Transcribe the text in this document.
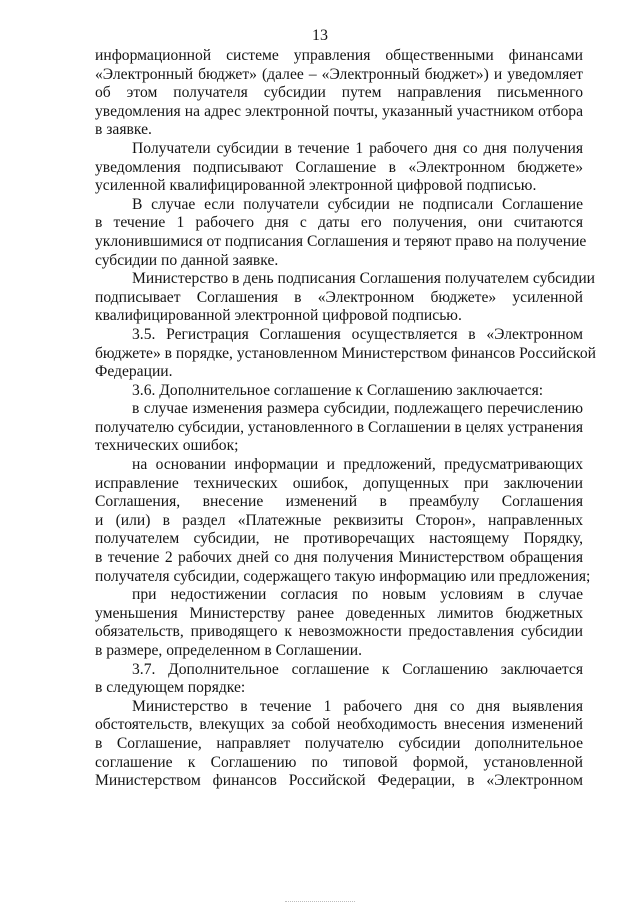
13

информационной системе управления общественными финансами

«Электронный бюджет» (далее – «Электронный бюджет») и уведомляет

об этом получателя субсидии путем направления письменного

уведомления на адрес электронной почты, указанный участником отбора

в заявке.

Получатели субсидии в течение 1 рабочего дня со дня получения

уведомления подписывают Соглашение в «Электронном бюджете»

усиленной квалифицированной электронной цифровой подписью.

В случае если получатели субсидии не подписали Соглашение

в течение 1 рабочего дня с даты его получения, они считаются

уклонившимися от подписания Соглашения и теряют право на получение

субсидии по данной заявке.

Министерство в день подписания Соглашения получателем субсидии

подписывает Соглашения в «Электронном бюджете» усиленной

квалифицированной электронной цифровой подписью.

3.5. Регистрация Соглашения осуществляется в «Электронном

бюджете» в порядке, установленном Министерством финансов Российской

Федерации.

3.6. Дополнительное соглашение к Соглашению заключается:

в случае изменения размера субсидии, подлежащего перечислению

получателю субсидии, установленного в Соглашении в целях устранения

технических ошибок;

на основании информации и предложений, предусматривающих

исправление технических ошибок, допущенных при заключении

Соглашения, внесение изменений в преамбулу Соглашения

и (или) в раздел «Платежные реквизиты Сторон», направленных

получателем субсидии, не противоречащих настоящему Порядку,

в течение 2 рабочих дней со дня получения Министерством обращения

получателя субсидии, содержащего такую информацию или предложения;

при недостижении согласия по новым условиям в случае

уменьшения Министерству ранее доведенных лимитов бюджетных

обязательств, приводящего к невозможности предоставления субсидии

в размере, определенном в Соглашении.

3.7. Дополнительное соглашение к Соглашению заключается

в следующем порядке:

Министерство в течение 1 рабочего дня со дня выявления

обстоятельств, влекущих за собой необходимость внесения изменений

в Соглашение, направляет получателю субсидии дополнительное

соглашение к Соглашению по типовой формой, установленной

Министерством финансов Российской Федерации, в «Электронном
